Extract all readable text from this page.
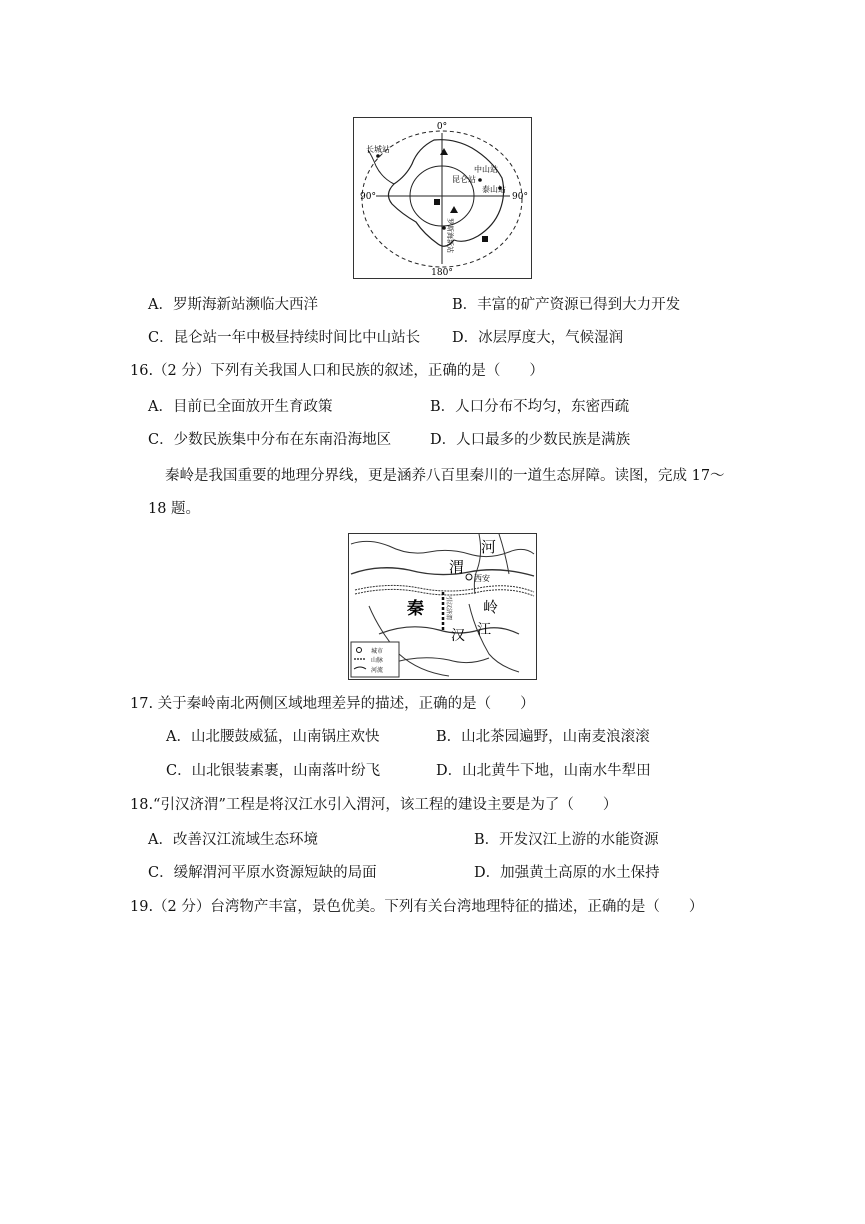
0°
180°
90°	90°
长城站
中山站
昆仑站
泰山站
罗斯海新站
A．罗斯海新站濒临大西洋	B．丰富的矿产资源已得到大力开发
C．昆仑站一年中极昼持续时间比中山站长 D．冰层厚度大，气候湿润
16.（2 分）下列有关我国人口和民族的叙述，正确的是（　　）
A．目前已全面放开生育政策	B．人口分布不均匀，东密西疏
C．少数民族集中分布在东南沿海地区	D．人口最多的少数民族是满族
秦岭是我国重要的地理分界线，更是涵养八百里秦川的一道生态屏障。读图，完成 17～
18 题。
渭
河
西安
秦	岭
汉 江
引汉济渭
城市
山脉
河流
17. 关于秦岭南北两侧区域地理差异的描述，正确的是（　　）
A．山北腰鼓威猛，山南锅庄欢快	B．山北茶园遍野，山南麦浪滚滚
C．山北银装素裹，山南落叶纷飞	D．山北黄牛下地，山南水牛犁田
18.“引汉济渭”工程是将汉江水引入渭河，该工程的建设主要是为了（　　）
A．改善汉江流域生态环境	B．开发汉江上游的水能资源
C．缓解渭河平原水资源短缺的局面	D．加强黄土高原的水土保持
19.（2 分）台湾物产丰富，景色优美。下列有关台湾地理特征的描述，正确的是（　　）
